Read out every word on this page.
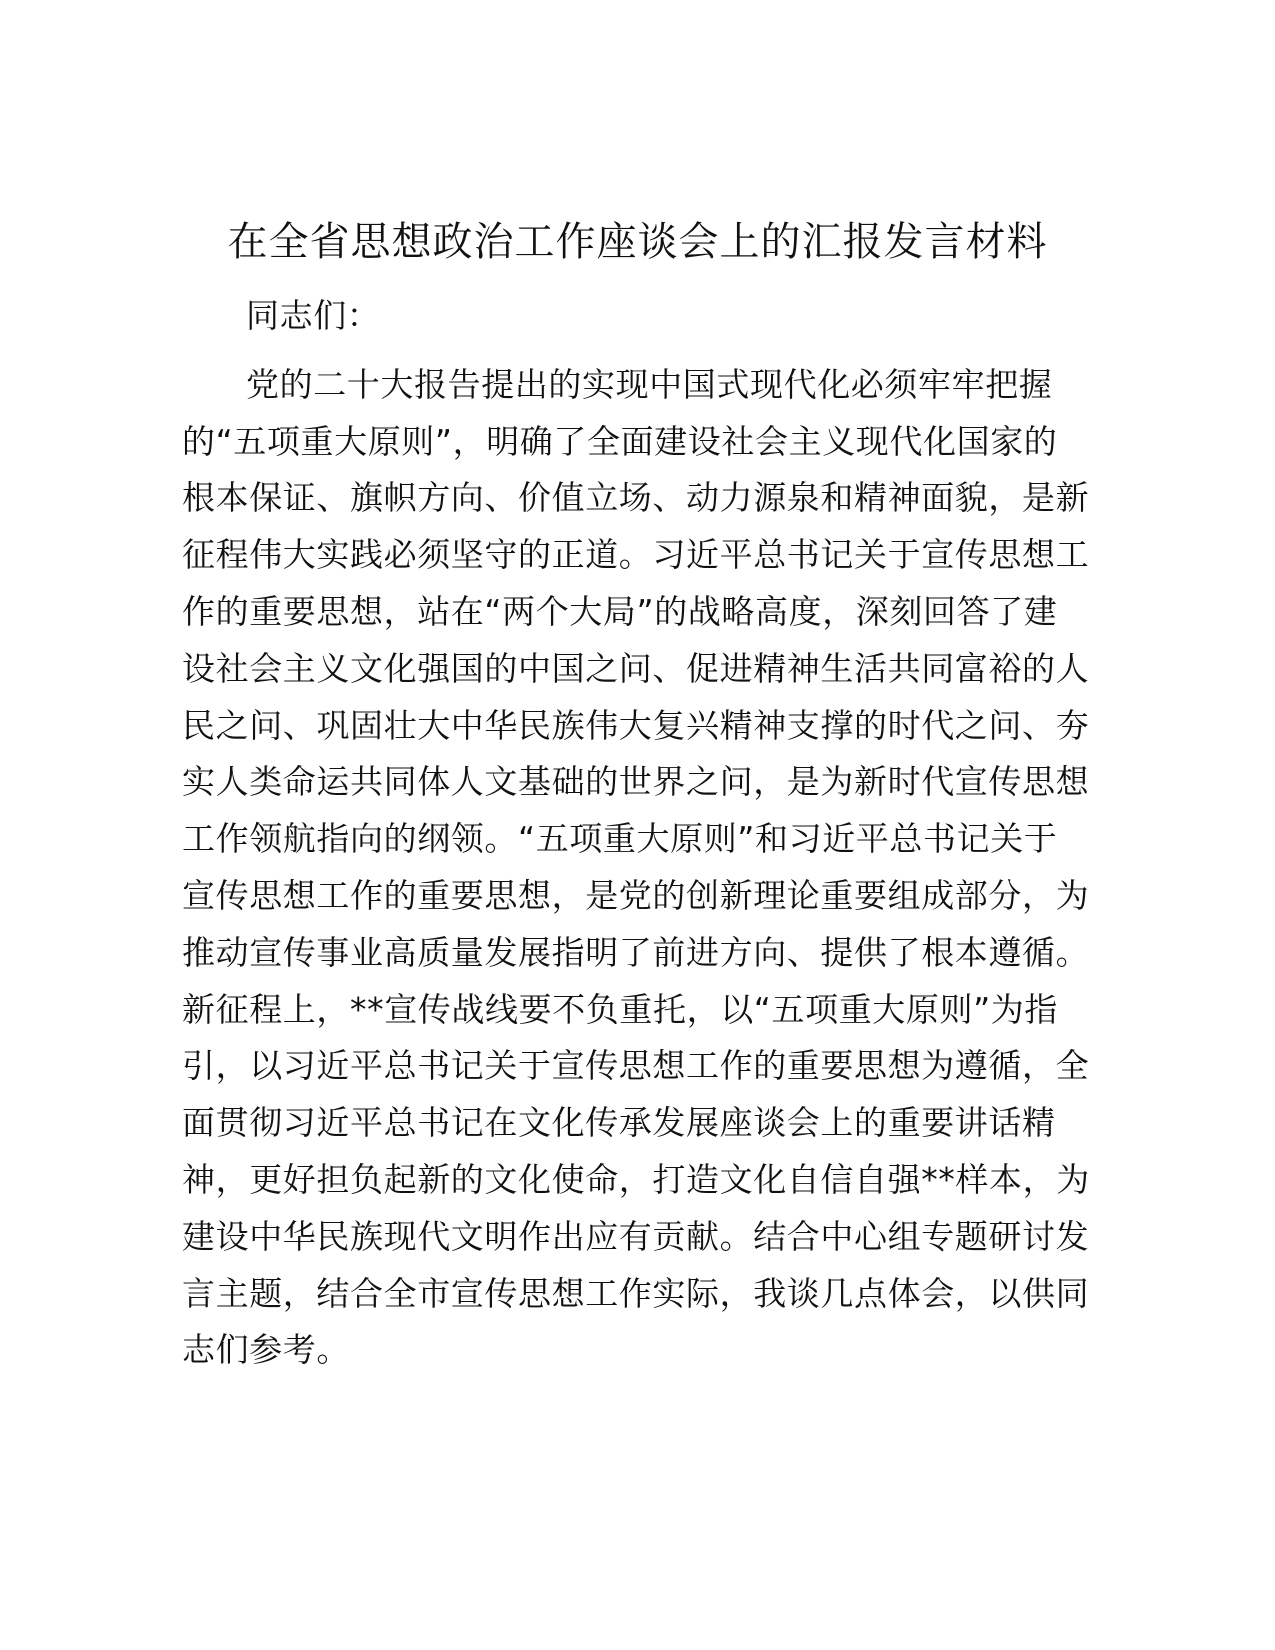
在全省思想政治工作座谈会上的汇报发言材料
同志们：
党的二十大报告提出的实现中国式现代化必须牢牢把握
的“五项重大原则”，明确了全面建设社会主义现代化国家的
根本保证、旗帜方向、价值立场、动力源泉和精神面貌，是新
征程伟大实践必须坚守的正道。习近平总书记关于宣传思想工
作的重要思想，站在“两个大局”的战略高度，深刻回答了建
设社会主义文化强国的中国之问、促进精神生活共同富裕的人
民之问、巩固壮大中华民族伟大复兴精神支撑的时代之问、夯
实人类命运共同体人文基础的世界之问，是为新时代宣传思想
工作领航指向的纲领。“五项重大原则”和习近平总书记关于
宣传思想工作的重要思想，是党的创新理论重要组成部分，为
推动宣传事业高质量发展指明了前进方向、提供了根本遵循。
新征程上，**宣传战线要不负重托，以“五项重大原则”为指
引，以习近平总书记关于宣传思想工作的重要思想为遵循，全
面贯彻习近平总书记在文化传承发展座谈会上的重要讲话精
神，更好担负起新的文化使命，打造文化自信自强**样本，为
建设中华民族现代文明作出应有贡献。结合中心组专题研讨发
言主题，结合全市宣传思想工作实际，我谈几点体会，以供同
志们参考。
